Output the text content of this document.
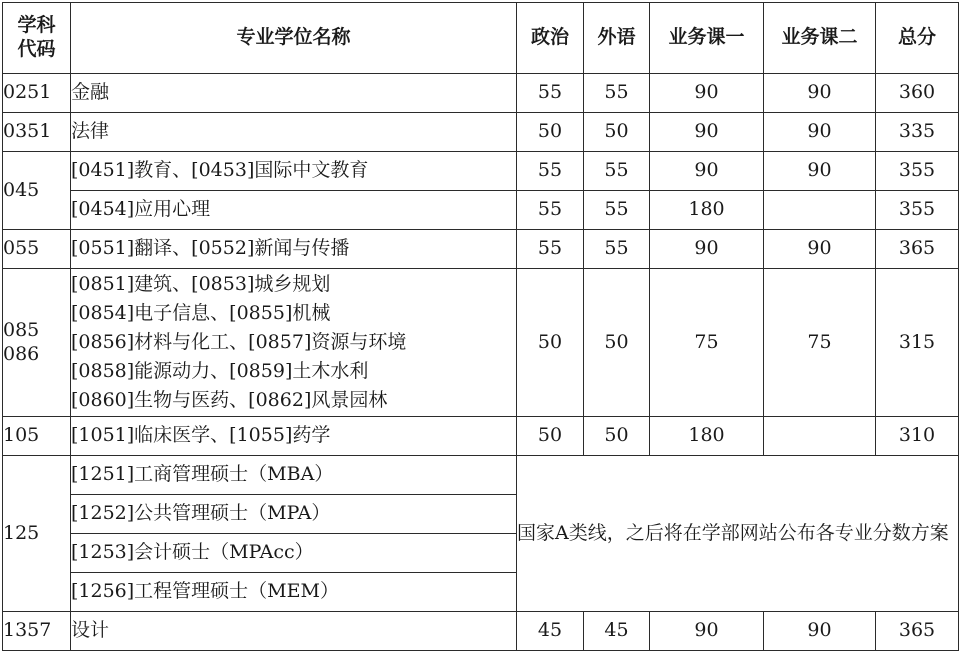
学科
代码	专业学位名称	政治	外语	业务课一	业务课二	总分
0251	金融	55	55	90	90	360
0351	法律	50	50	90	90	335
045	[0451]教育、[0453]国际中文教育	55	55	90	90	355
	[0454]应用心理	55	55	180		355
055	[0551]翻译、[0552]新闻与传播	55	55	90	90	365

085
086	[0851]建筑、[0853]城乡规划
[0854]电子信息、[0855]机械
[0856]材料与化工、[0857]资源与环境
[0858]能源动力、[0859]土木水利
[0860]生物与医药、[0862]风景园林	50	50	75	75	315
105	[1051]临床医学、[1055]药学	50	50	180		310
125	[1251]工商管理硕士（MBA）	国家A类线，之后将在学部网站公布各专业分数方案				
	[1252]公共管理硕士（MPA）					
	[1253]会计硕士（MPAcc）					
	[1256]工程管理硕士（MEM）					
1357	设计	45	45	90	90	365
